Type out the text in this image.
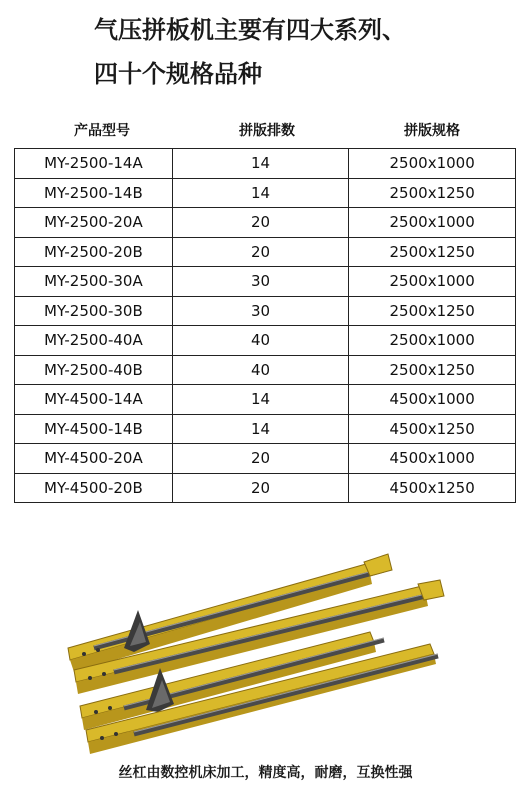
气压拼板机主要有四大系列、
四十个规格品种
产品型号	拼版排数	拼版规格
MY-2500-14A	14	2500x1000
MY-2500-14B	14	2500x1250
MY-2500-20A	20	2500x1000
MY-2500-20B	20	2500x1250
MY-2500-30A	30	2500x1000
MY-2500-30B	30	2500x1250
MY-2500-40A	40	2500x1000
MY-2500-40B	40	2500x1250
MY-4500-14A	14	4500x1000
MY-4500-14B	14	4500x1250
MY-4500-20A	20	4500x1000
MY-4500-20B	20	4500x1250
丝杠由数控机床加工，精度高，耐磨，互换性强
